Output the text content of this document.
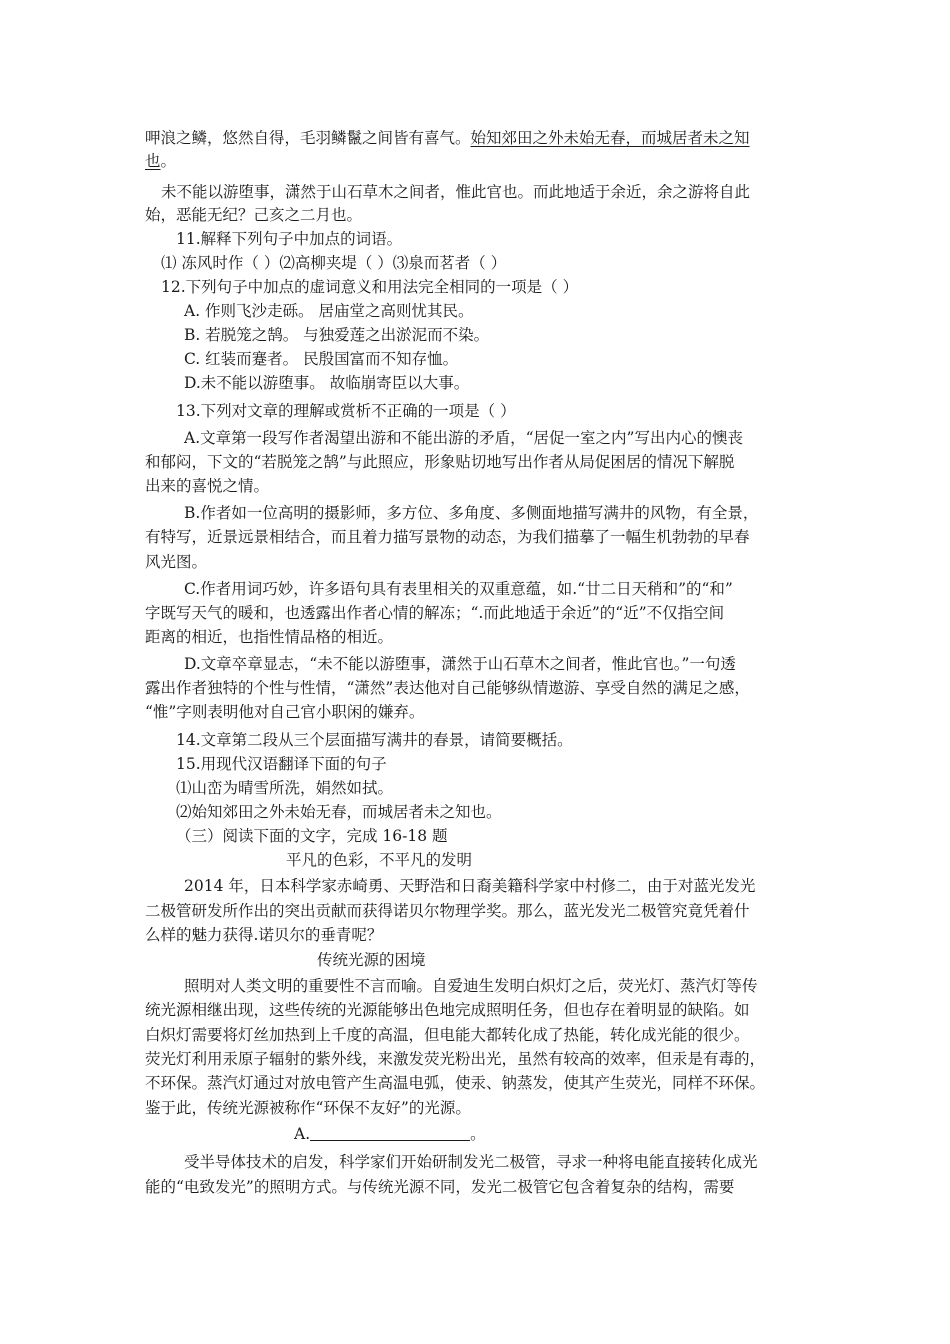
呷浪之鳞，悠然自得，毛羽鳞鬣之间皆有喜气。始知郊田之外未始无春，而城居者未之知
也。
未不能以游堕事，潇然于山石草木之间者，惟此官也。而此地适于余近，余之游将自此
始，恶能无纪？己亥之二月也。
11.解释下列句子中加点的词语。
⑴ 冻风时作（ ）⑵高柳夹堤（ ）⑶泉而茗者（ ）
12.下列句子中加点的虚词意义和用法完全相同的一项是（ ）
A. 作则飞沙走砾。 居庙堂之高则忧其民。
B. 若脱笼之鹄。 与独爱莲之出淤泥而不染。
C. 红装而蹇者。 民殷国富而不知存恤。
D.未不能以游堕事。 故临崩寄臣以大事。
13.下列对文章的理解或赏析不正确的一项是（ ）
A.文章第一段写作者渴望出游和不能出游的矛盾，“居促一室之内”写出内心的懊丧
和郁闷，下文的“若脱笼之鹄”与此照应，形象贴切地写出作者从局促困居的情况下解脱
出来的喜悦之情。
B.作者如一位高明的摄影师，多方位、多角度、多侧面地描写满井的风物，有全景，
有特写，近景远景相结合，而且着力描写景物的动态，为我们描摹了一幅生机勃勃的早春
风光图。
C.作者用词巧妙，许多语句具有表里相关的双重意蕴，如.“廿二日天稍和”的“和”
字既写天气的暖和，也透露出作者心情的解冻；“.而此地适于余近”的“近”不仅指空间
距离的相近，也指性情品格的相近。
D.文章卒章显志，“未不能以游堕事，潇然于山石草木之间者，惟此官也。”一句透
露出作者独特的个性与性情，“潇然”表达他对自己能够纵情遨游、享受自然的满足之感，
“惟”字则表明他对自己官小职闲的嫌弃。
14.文章第二段从三个层面描写满井的春景，请简要概括。
15.用现代汉语翻译下面的句子
⑴山峦为晴雪所洗，娟然如拭。
⑵始知郊田之外未始无春，而城居者未之知也。
（三）阅读下面的文字，完成 16-18 题
平凡的色彩，不平凡的发明
2014 年，日本科学家赤崎勇、天野浩和日裔美籍科学家中村修二，由于对蓝光发光
二极管研发所作出的突出贡献而获得诺贝尔物理学奖。那么，蓝光发光二极管究竟凭着什
么样的魅力获得.诺贝尔的垂青呢？
传统光源的困境
照明对人类文明的重要性不言而喻。自爱迪生发明白炽灯之后，荧光灯、蒸汽灯等传
统光源相继出现，这些传统的光源能够出色地完成照明任务，但也存在着明显的缺陷。如
白炽灯需要将灯丝加热到上千度的高温，但电能大都转化成了热能，转化成光能的很少。
荧光灯利用汞原子辐射的紫外线，来激发荧光粉出光，虽然有较高的效率，但汞是有毒的，
不环保。蒸汽灯通过对放电管产生高温电弧，使汞、钠蒸发，使其产生荧光，同样不环保。
鉴于此，传统光源被称作“环保不友好”的光源。
A.	。
受半导体技术的启发，科学家们开始研制发光二极管，寻求一种将电能直接转化成光
能的“电致发光”的照明方式。与传统光源不同，发光二极管它包含着复杂的结构，需要
